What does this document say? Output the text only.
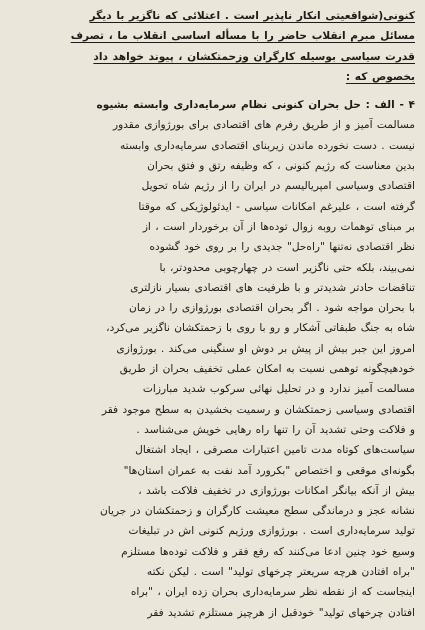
کنونی(شواقعیتی انکار ناپذیر است . اعتلائی که ناگزیر با دیگر
مسائل مبرم انقلاب حاضر را با مسأله اساسی انقلاب ما ، تصرف
قدرت سیاسی بوسیله کارگران وزحمتکشان ، پیوند خواهد داد
بخصوص که :
۴ - الف : حل بحران کنونی نظام سرمایه‌داری وابسته بشیوه
مسالمت آمیز و از طریق رفرم های اقتصادی برای بورژوازی مقدور
نیست . دست نخورده ماندن زیربنای اقتصادی سرمایه‌داری وابسته
بدین معناست که رژیم کنونی ، که وظیفه رتق و فتق بحران
اقتصادی وسیاسی امپریالیسم در ایران را از رژیم شاه تحویل
گرفته است ، علیرغم امکانات سیاسی - ایدئولوژیکی که موقتا
بر مبنای توهمات روبه زوال توده‌ها از آن برخوردار است ، از
نظر اقتصادی نه‌تنها "راه‌حل" جدیدی را بر روی خود گشوده
نمی‌بیند، بلکه حتی ناگزیر است در چهارچوبی محدودتر، با
تناقضات حادتر شدیدتر و با ظرفیت های اقتصادی بسیار نازلتری
با بحران مواجه شود . اگر بحران اقتصادی بورژوازی را در زمان
شاه به جنگ طبقاتی آشکار و رو با روی با زحمتکشان ناگزیر می‌کرد،
امروز این جبر بیش از پیش بر دوش او سنگینی می‌کند . بورژوازی
خودهیچگونه توهمی نسبت به امکان عملی تخفیف بحران از طریق
مسالمت آمیز ندارد و در تحلیل نهائی سرکوب شدید مبارزات
اقتصادی وسیاسی زحمتکشان و رسمیت بخشیدن به سطح موجود فقر
و فلاکت وحتی تشدید آن را تنها راه رهایی خویش می‌شناسد .
سیاست‌های کوتاه مدت تامین اعتبارات مصرفی ، ایجاد اشتغال
بگونه‌ای موقعی و اختصاص "بکرورد آمد نفت به عمران استان‌ها"
بیش از آنکه بیانگر امکانات بورژوازی در تخفیف فلاکت باشد ،
نشانه عجز و درماندگی سطح معیشت کارگران و زحمتکشان در جریان
تولید سرمایه‌داری است . بورژوازی ورژیم کنونی اش در تبلیغات
وسیع خود چنین ادعا می‌کنند که رفع فقر و فلاکت توده‌ها مستلزم
"براه افتادن هرچه سریعتر چرخهای تولید" است . لیکن نکته
اینجاست که از نقطه نظر سرمایه‌داری بحران زده ایران ، "براه
افتادن چرخهای تولید" خودقبل از هرچیز مستلزم تشدید فقر
